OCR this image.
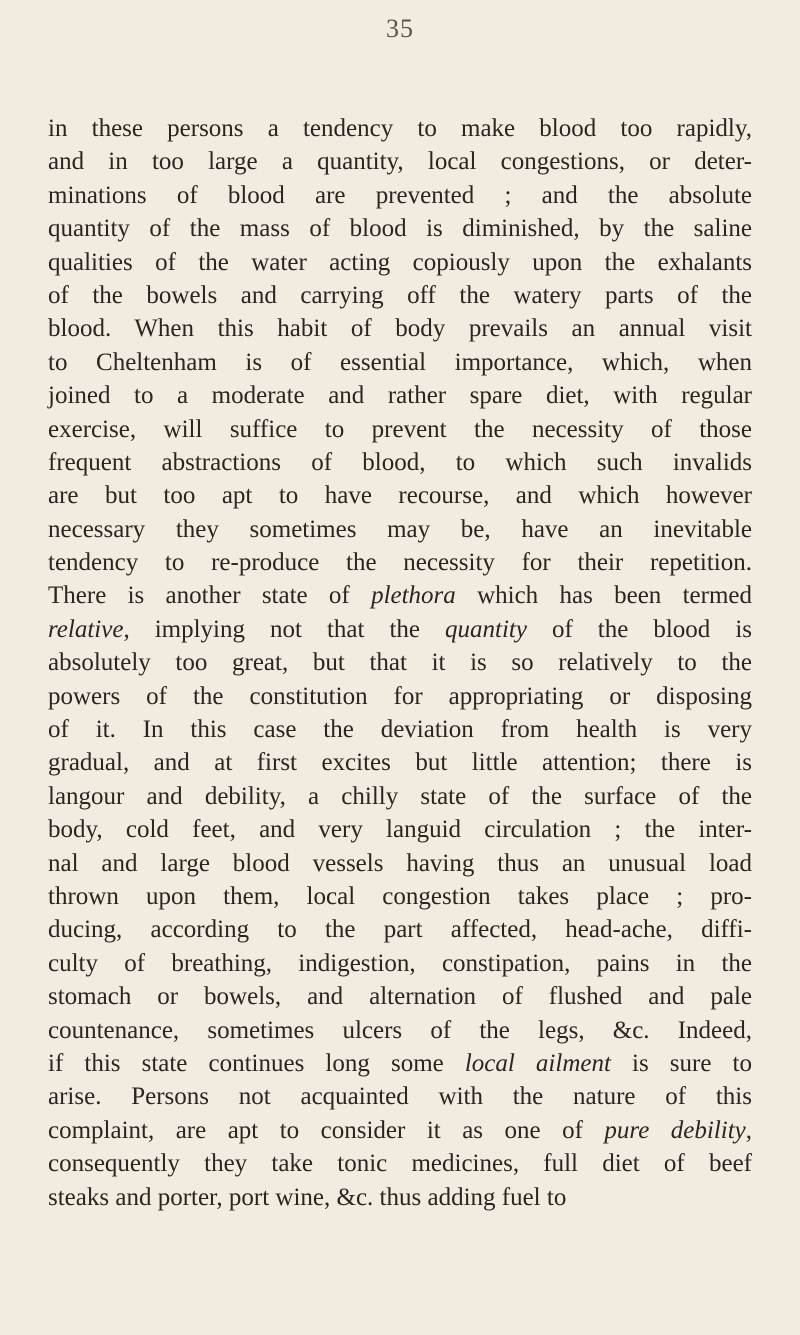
35
in these persons a tendency to make blood too rapidly,
and in too large a quantity, local congestions, or deter-
minations of blood are prevented ; and the absolute
quantity of the mass of blood is diminished, by the saline
qualities of the water acting copiously upon the exhalants
of the bowels and carrying off the watery parts of the
blood. When this habit of body prevails an annual visit
to Cheltenham is of essential importance, which, when
joined to a moderate and rather spare diet, with regular
exercise, will suffice to prevent the necessity of those
frequent abstractions of blood, to which such invalids
are but too apt to have recourse, and which however
necessary they sometimes may be, have an inevitable
tendency to re-produce the necessity for their repetition.
There is another state of plethora which has been termed
relative, implying not that the quantity of the blood is
absolutely too great, but that it is so relatively to the
powers of the constitution for appropriating or disposing
of it. In this case the deviation from health is very
gradual, and at first excites but little attention; there is
langour and debility, a chilly state of the surface of the
body, cold feet, and very languid circulation ; the inter-
nal and large blood vessels having thus an unusual load
thrown upon them, local congestion takes place ; pro-
ducing, according to the part affected, head-ache, diffi-
culty of breathing, indigestion, constipation, pains in the
stomach or bowels, and alternation of flushed and pale
countenance, sometimes ulcers of the legs, &c. Indeed,
if this state continues long some local ailment is sure to
arise. Persons not acquainted with the nature of this
complaint, are apt to consider it as one of pure debility,
consequently they take tonic medicines, full diet of beef
steaks and porter, port wine, &c. thus adding fuel to
